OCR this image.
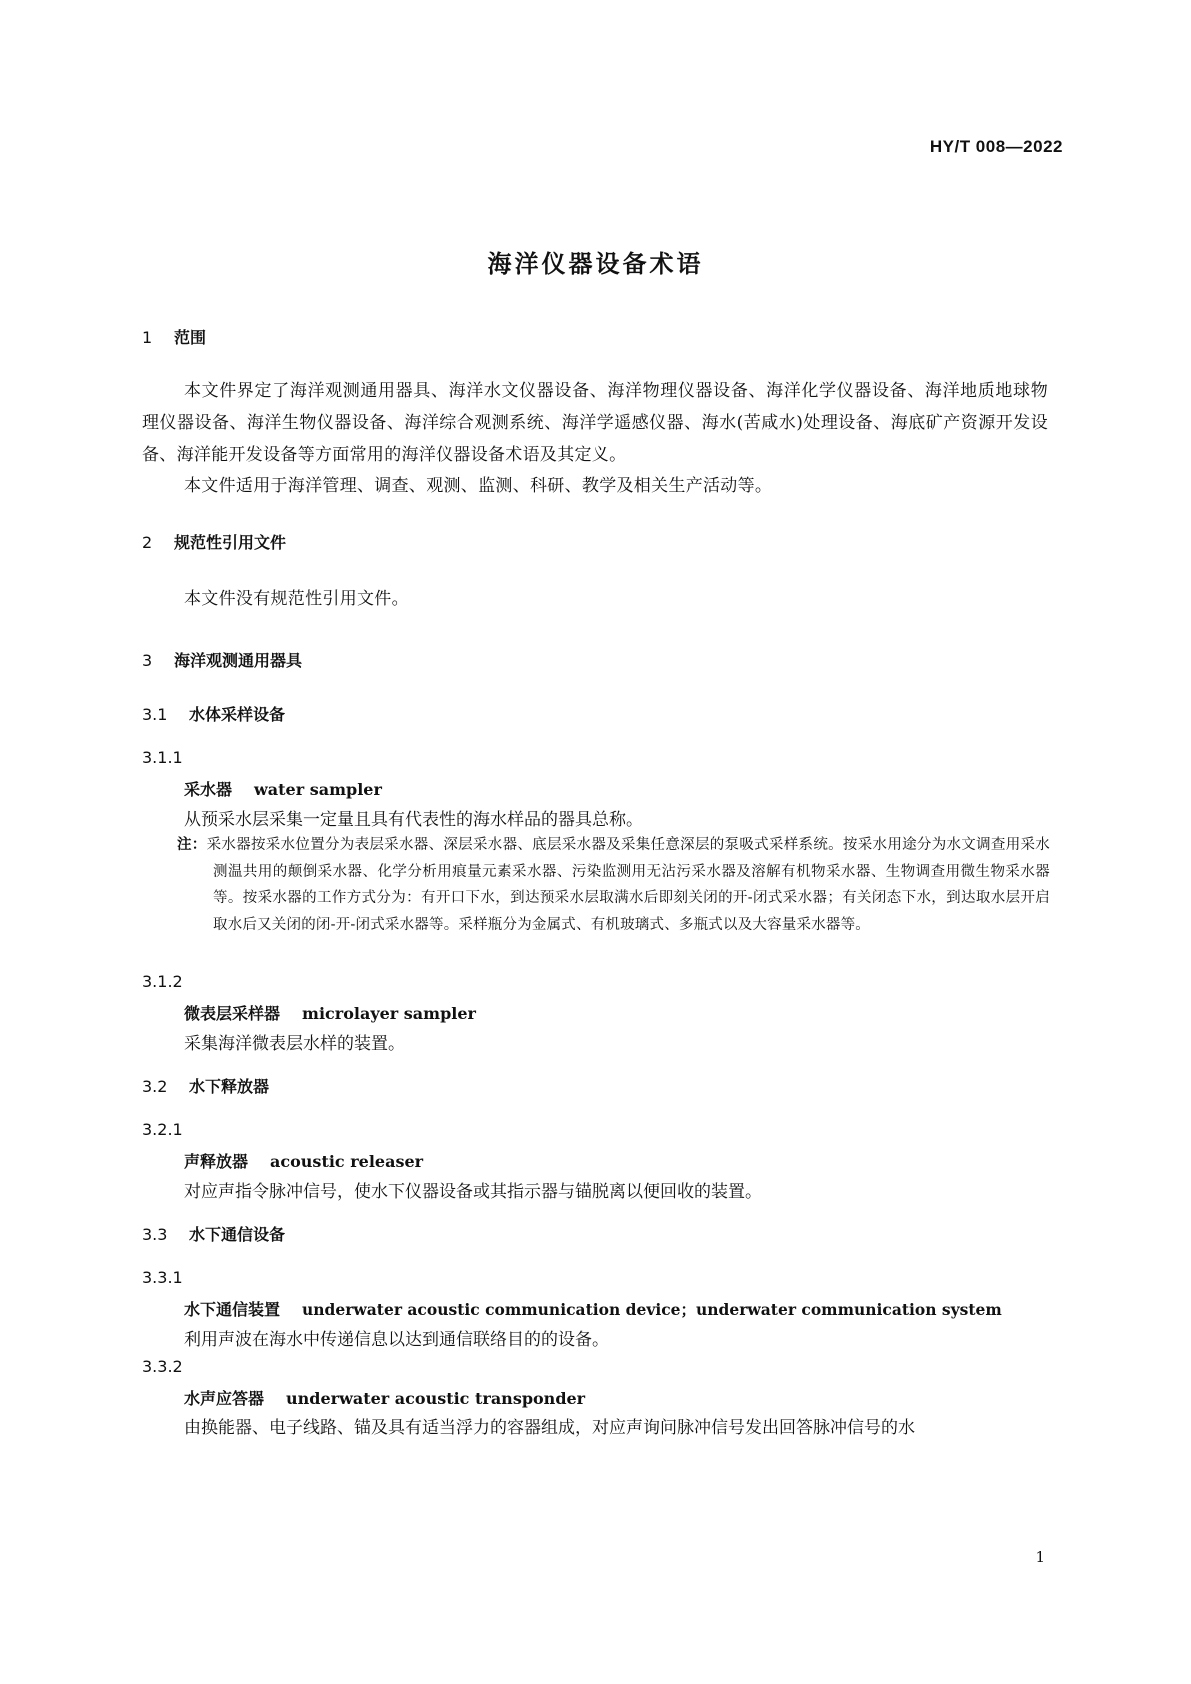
HY/T 008—2022
海洋仪器设备术语
1 范围
本文件界定了海洋观测通用器具、海洋水文仪器设备、海洋物理仪器设备、海洋化学仪器设备、海洋地质地球物理仪器设备、海洋生物仪器设备、海洋综合观测系统、海洋学遥感仪器、海水(苦咸水)处理设备、海底矿产资源开发设备、海洋能开发设备等方面常用的海洋仪器设备术语及其定义。
本文件适用于海洋管理、调查、观测、监测、科研、教学及相关生产活动等。
2 规范性引用文件
本文件没有规范性引用文件。
3 海洋观测通用器具
3.1 水体采样设备
3.1.1
采水器 water sampler
从预采水层采集一定量且具有代表性的海水样品的器具总称。
注：采水器按采水位置分为表层采水器、深层采水器、底层采水器及采集任意深层的泵吸式采样系统。按采水用途分为水文调查用采水测温共用的颠倒采水器、化学分析用痕量元素采水器、污染监测用无沾污采水器及溶解有机物采水器、生物调查用微生物采水器等。按采水器的工作方式分为：有开口下水，到达预采水层取满水后即刻关闭的开-闭式采水器；有关闭态下水，到达取水层开启取水后又关闭的闭-开-闭式采水器等。采样瓶分为金属式、有机玻璃式、多瓶式以及大容量采水器等。
3.1.2
微表层采样器 microlayer sampler
采集海洋微表层水样的装置。
3.2 水下释放器
3.2.1
声释放器 acoustic releaser
对应声指令脉冲信号，使水下仪器设备或其指示器与锚脱离以便回收的装置。
3.3 水下通信设备
3.3.1
水下通信装置 underwater acoustic communication device；underwater communication system
利用声波在海水中传递信息以达到通信联络目的的设备。
3.3.2
水声应答器 underwater acoustic transponder
由换能器、电子线路、锚及具有适当浮力的容器组成，对应声询问脉冲信号发出回答脉冲信号的水
1
